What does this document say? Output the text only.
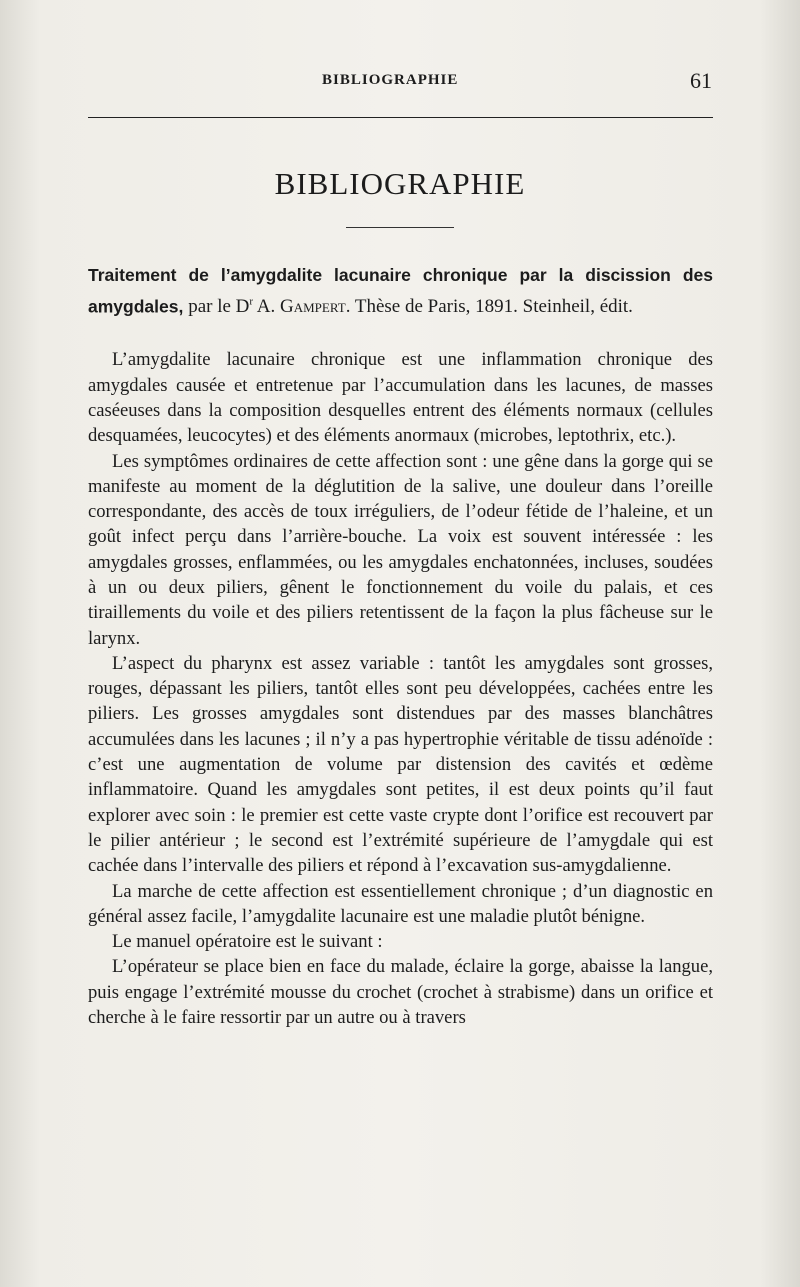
BIBLIOGRAPHIE	61
BIBLIOGRAPHIE

Traitement de l’amygdalite lacunaire chronique par la discission des amygdales, par le $D^r$ A. Gampert. Thèse de Paris, 1891. Steinheil, édit.

L’amygdalite lacunaire chronique est une inflammation chronique des amygdales causée et entretenue par l’accumulation dans les lacunes, de masses caséeuses dans la composition desquelles entrent des éléments normaux (cellules desquamées, leucocytes) et des éléments anormaux (microbes, leptothrix, etc.).

Les symptômes ordinaires de cette affection sont : une gêne dans la gorge qui se manifeste au moment de la déglutition de la salive, une douleur dans l’oreille correspondante, des accès de toux irréguliers, de l’odeur fétide de l’haleine, et un goût infect perçu dans l’arrière-bouche. La voix est souvent intéressée : les amygdales grosses, enflammées, ou les amygdales enchatonnées, incluses, soudées à un ou deux piliers, gênent le fonctionnement du voile du palais, et ces tiraillements du voile et des piliers retentissent de la façon la plus fâcheuse sur le larynx.

L’aspect du pharynx est assez variable : tantôt les amygdales sont grosses, rouges, dépassant les piliers, tantôt elles sont peu développées, cachées entre les piliers. Les grosses amygdales sont distendues par des masses blanchâtres accumulées dans les lacunes ; il n’y a pas hypertrophie véritable de tissu adénoïde : c’est une augmentation de volume par distension des cavités et œdème inflammatoire. Quand les amygdales sont petites, il est deux points qu’il faut explorer avec soin : le premier est cette vaste crypte dont l’orifice est recouvert par le pilier antérieur ; le second est l’extrémité supérieure de l’amygdale qui est cachée dans l’intervalle des piliers et répond à l’excavation sus-amygdalienne.

La marche de cette affection est essentiellement chronique ; d’un diagnostic en général assez facile, l’amygdalite lacunaire est une maladie plutôt bénigne.

Le manuel opératoire est le suivant :

L’opérateur se place bien en face du malade, éclaire la gorge, abaisse la langue, puis engage l’extrémité mousse du crochet (crochet à strabisme) dans un orifice et cherche à le faire ressortir par un autre ou à travers
